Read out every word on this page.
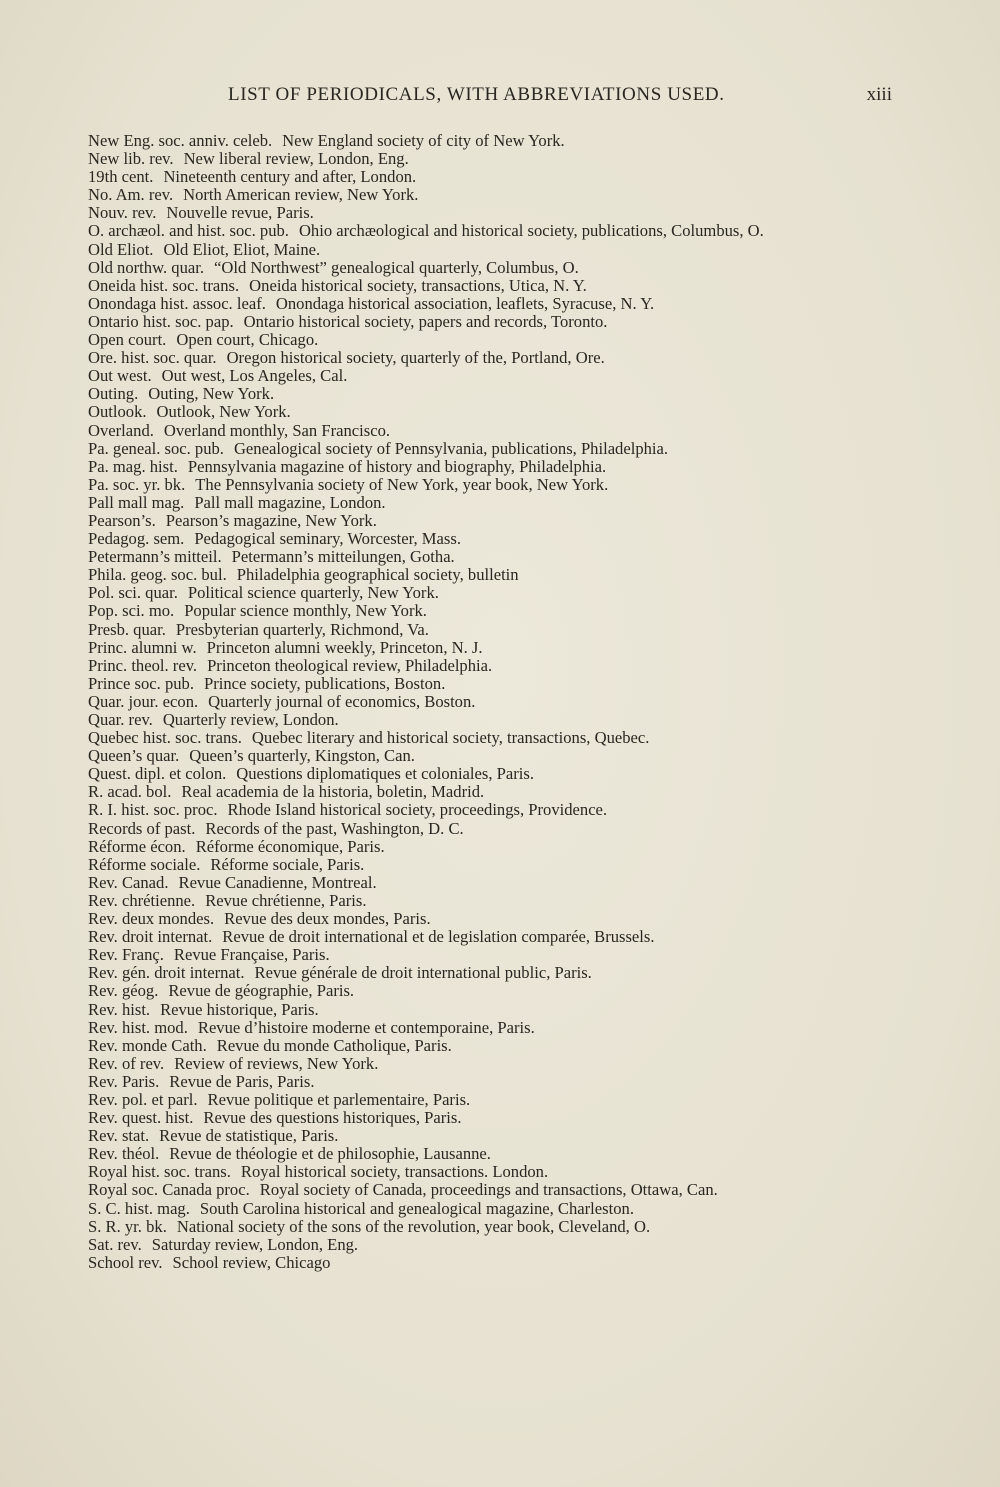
LIST OF PERIODICALS, WITH ABBREVIATIONS USED.	xiii
New Eng. soc. anniv. celeb. New England society of city of New York.
New lib. rev. New liberal review, London, Eng.
19th cent. Nineteenth century and after, London.
No. Am. rev. North American review, New York.
Nouv. rev. Nouvelle revue, Paris.
O. archæol. and hist. soc. pub. Ohio archæological and historical society, publications, Columbus, O.
Old Eliot. Old Eliot, Eliot, Maine.
Old northw. quar. “Old Northwest” genealogical quarterly, Columbus, O.
Oneida hist. soc. trans. Oneida historical society, transactions, Utica, N. Y.
Onondaga hist. assoc. leaf. Onondaga historical association, leaflets, Syracuse, N. Y.
Ontario hist. soc. pap. Ontario historical society, papers and records, Toronto.
Open court. Open court, Chicago.
Ore. hist. soc. quar. Oregon historical society, quarterly of the, Portland, Ore.
Out west. Out west, Los Angeles, Cal.
Outing. Outing, New York.
Outlook. Outlook, New York.
Overland. Overland monthly, San Francisco.
Pa. geneal. soc. pub. Genealogical society of Pennsylvania, publications, Philadelphia.
Pa. mag. hist. Pennsylvania magazine of history and biography, Philadelphia.
Pa. soc. yr. bk. The Pennsylvania society of New York, year book, New York.
Pall mall mag. Pall mall magazine, London.
Pearson’s. Pearson’s magazine, New York.
Pedagog. sem. Pedagogical seminary, Worcester, Mass.
Petermann’s mitteil. Petermann’s mitteilungen, Gotha.
Phila. geog. soc. bul. Philadelphia geographical society, bulletin
Pol. sci. quar. Political science quarterly, New York.
Pop. sci. mo. Popular science monthly, New York.
Presb. quar. Presbyterian quarterly, Richmond, Va.
Princ. alumni w. Princeton alumni weekly, Princeton, N. J.
Princ. theol. rev. Princeton theological review, Philadelphia.
Prince soc. pub. Prince society, publications, Boston.
Quar. jour. econ. Quarterly journal of economics, Boston.
Quar. rev. Quarterly review, London.
Quebec hist. soc. trans. Quebec literary and historical society, transactions, Quebec.
Queen’s quar. Queen’s quarterly, Kingston, Can.
Quest. dipl. et colon. Questions diplomatiques et coloniales, Paris.
R. acad. bol. Real academia de la historia, boletin, Madrid.
R. I. hist. soc. proc. Rhode Island historical society, proceedings, Providence.
Records of past. Records of the past, Washington, D. C.
Réforme écon. Réforme économique, Paris.
Réforme sociale. Réforme sociale, Paris.
Rev. Canad. Revue Canadienne, Montreal.
Rev. chrétienne. Revue chrétienne, Paris.
Rev. deux mondes. Revue des deux mondes, Paris.
Rev. droit internat. Revue de droit international et de legislation comparée, Brussels.
Rev. Franç. Revue Française, Paris.
Rev. gén. droit internat. Revue générale de droit international public, Paris.
Rev. géog. Revue de géographie, Paris.
Rev. hist. Revue historique, Paris.
Rev. hist. mod. Revue d’histoire moderne et contemporaine, Paris.
Rev. monde Cath. Revue du monde Catholique, Paris.
Rev. of rev. Review of reviews, New York.
Rev. Paris. Revue de Paris, Paris.
Rev. pol. et parl. Revue politique et parlementaire, Paris.
Rev. quest. hist. Revue des questions historiques, Paris.
Rev. stat. Revue de statistique, Paris.
Rev. théol. Revue de théologie et de philosophie, Lausanne.
Royal hist. soc. trans. Royal historical society, transactions. London.
Royal soc. Canada proc. Royal society of Canada, proceedings and transactions, Ottawa, Can.
S. C. hist. mag. South Carolina historical and genealogical magazine, Charleston.
S. R. yr. bk. National society of the sons of the revolution, year book, Cleveland, O.
Sat. rev. Saturday review, London, Eng.
School rev. School review, Chicago
